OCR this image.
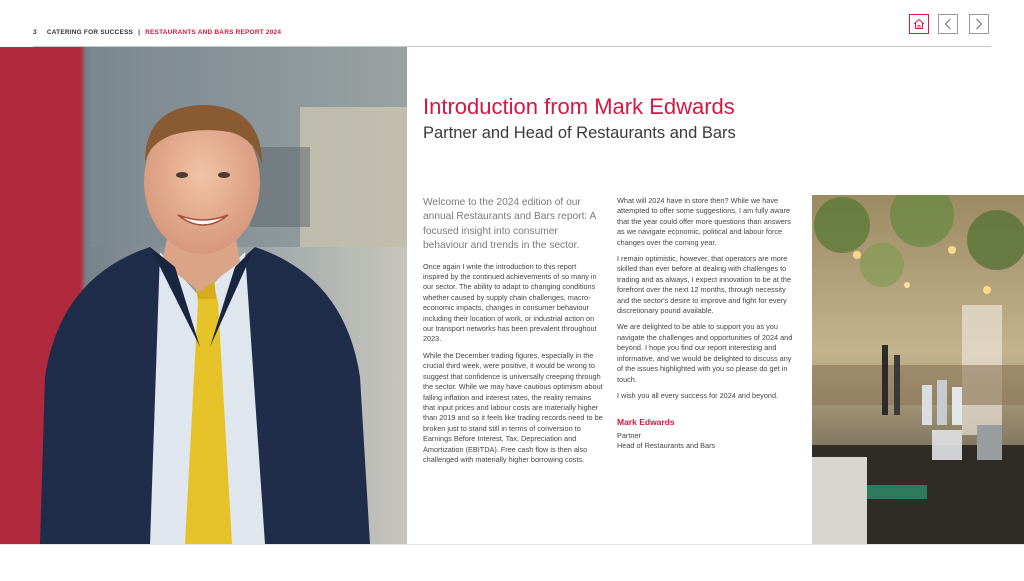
3 CATERING FOR SUCCESS | RESTAURANTS AND BARS REPORT 2024
Introduction from Mark Edwards
Partner and Head of Restaurants and Bars

Welcome to the 2024 edition of our annual Restaurants and Bars report: A focused insight into consumer behaviour and trends in the sector.

Once again I write the introduction to this report inspired by the continued achievements of so many in our sector. The ability to adapt to changing conditions whether caused by supply chain challenges, macro-economic impacts, changes in consumer behaviour including their location of work, or industrial action on our transport networks has been prevalent throughout 2023.

While the December trading figures, especially in the crucial third week, were positive, it would be wrong to suggest that confidence is universally creeping through the sector. While we may have cautious optimism about falling inflation and interest rates, the reality remains that input prices and labour costs are materially higher than 2019 and so it feels like trading records need to be broken just to stand still in terms of conversion to Earnings Before Interest, Tax, Depreciation and Amortization (EBITDA). Free cash flow is then also challenged with materially higher borrowing costs.

What will 2024 have in store then? While we have attempted to offer some suggestions, I am fully aware that the year could offer more questions than answers as we navigate economic, political and labour force changes over the coming year.

I remain optimistic, however, that operators are more skilled than ever before at dealing with challenges to trading and as always, I expect innovation to be at the forefront over the next 12 months, through necessity and the sector's desire to improve and fight for every discretionary pound available.

We are delighted to be able to support you as you navigate the challenges and opportunities of 2024 and beyond. I hope you find our report interesting and informative, and we would be delighted to discuss any of the issues highlighted with you so please do get in touch.

I wish you all every success for 2024 and beyond.

Mark Edwards

Partner

Head of Restaurants and Bars
